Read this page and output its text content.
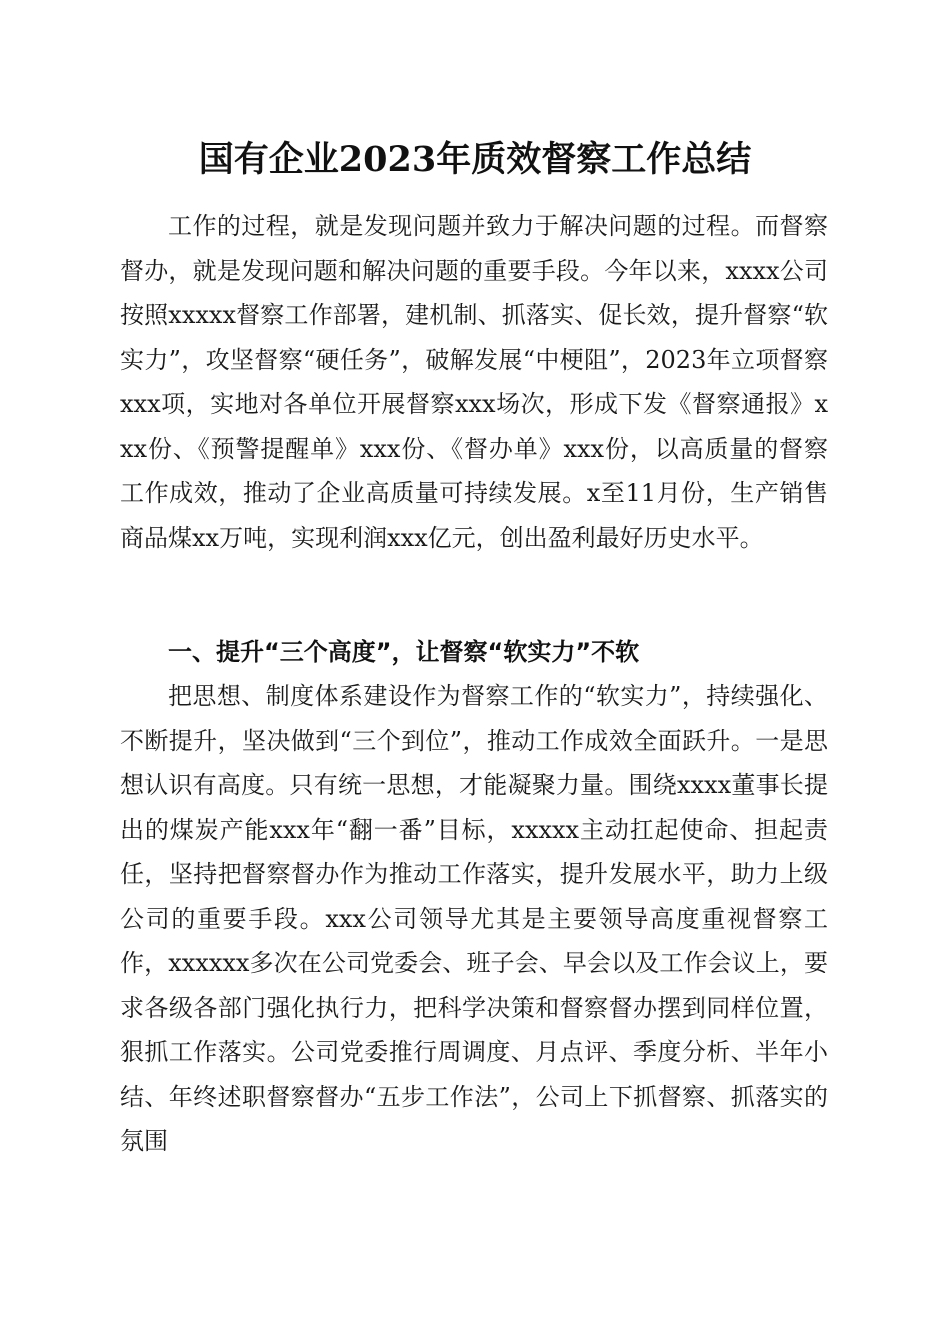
国有企业2023年质效督察工作总结

工作的过程，就是发现问题并致力于解决问题的过程。而督察督办，就是发现问题和解决问题的重要手段。今年以来，xxxx公司按照xxxxx督察工作部署，建机制、抓落实、促长效，提升督察“软实力”，攻坚督察“硬任务”，破解发展“中梗阻”，2023年立项督察xxx项，实地对各单位开展督察xxx场次，形成下发《督察通报》xxx份、《预警提醒单》xxx份、《督办单》xxx份，以高质量的督察工作成效，推动了企业高质量可持续发展。x至11月份，生产销售商品煤xx万吨，实现利润xxx亿元，创出盈利最好历史水平。

一、提升“三个高度”，让督察“软实力”不软

把思想、制度体系建设作为督察工作的“软实力”，持续强化、不断提升，坚决做到“三个到位”，推动工作成效全面跃升。一是思想认识有高度。只有统一思想，才能凝聚力量。围绕xxxx董事长提出的煤炭产能xxx年“翻一番”目标，xxxxx主动扛起使命、担起责任，坚持把督察督办作为推动工作落实，提升发展水平，助力上级公司的重要手段。xxx公司领导尤其是主要领导高度重视督察工作，xxxxxx多次在公司党委会、班子会、早会以及工作会议上，要求各级各部门强化执行力，把科学决策和督察督办摆到同样位置，狠抓工作落实。公司党委推行周调度、月点评、季度分析、半年小结、年终述职督察督办“五步工作法”，公司上下抓督察、抓落实的氛围
